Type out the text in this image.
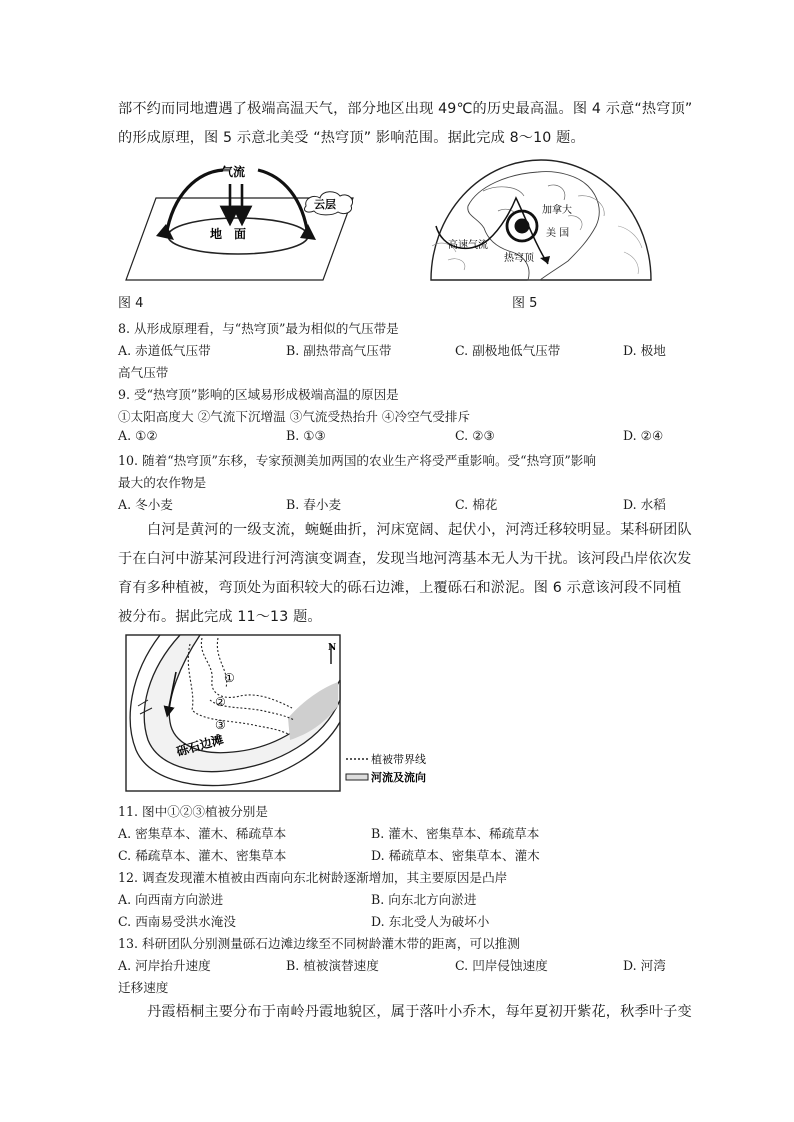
部不约而同地遭遇了极端高温天气，部分地区出现 49℃的历史最高温。图 4 示意“热穹顶”
的形成原理，图 5 示意北美受 “热穹顶” 影响范围。据此完成 8～10 题。
气流
地　面
云层
图 4
加拿大
美 国
高速气流
热穹顶
图 5
8. 从形成原理看，与“热穹顶”最为相似的气压带是
A. 赤道低气压带	B. 副热带高气压带	C. 副极地低气压带	D. 极地
高气压带
9. 受“热穹顶”影响的区域易形成极端高温的原因是
①太阳高度大 ②气流下沉增温 ③气流受热抬升 ④冷空气受排斥
A. ①②	B. ①③	C. ②③	D. ②④
10. 随着“热穹顶”东移，专家预测美加两国的农业生产将受严重影响。受“热穹顶”影响
最大的农作物是
A. 冬小麦	B. 春小麦	C. 棉花	D. 水稻
白河是黄河的一级支流，蜿蜒曲折，河床宽阔、起伏小，河湾迁移较明显。某科研团队
于在白河中游某河段进行河湾演变调查，发现当地河湾基本无人为干扰。该河段凸岸依次发
育有多种植被，弯顶处为面积较大的砾石边滩，上覆砾石和淤泥。图 6 示意该河段不同植
被分布。据此完成 11～13 题。
N
①
②
③
砾石边滩
植被带界线
河流及流向
11. 图中①②③植被分别是
A. 密集草本、灌木、稀疏草本	B. 灌木、密集草本、稀疏草本
C. 稀疏草本、灌木、密集草本	D. 稀疏草本、密集草本、灌木
12. 调查发现灌木植被由西南向东北树龄逐渐增加，其主要原因是凸岸
A. 向西南方向淤进	B. 向东北方向淤进
C. 西南易受洪水淹没	D. 东北受人为破坏小
13. 科研团队分别测量砾石边滩边缘至不同树龄灌木带的距离，可以推测
A. 河岸抬升速度	B. 植被演替速度	C. 凹岸侵蚀速度	D. 河湾
迁移速度
丹霞梧桐主要分布于南岭丹霞地貌区，属于落叶小乔木，每年夏初开紫花，秋季叶子变
